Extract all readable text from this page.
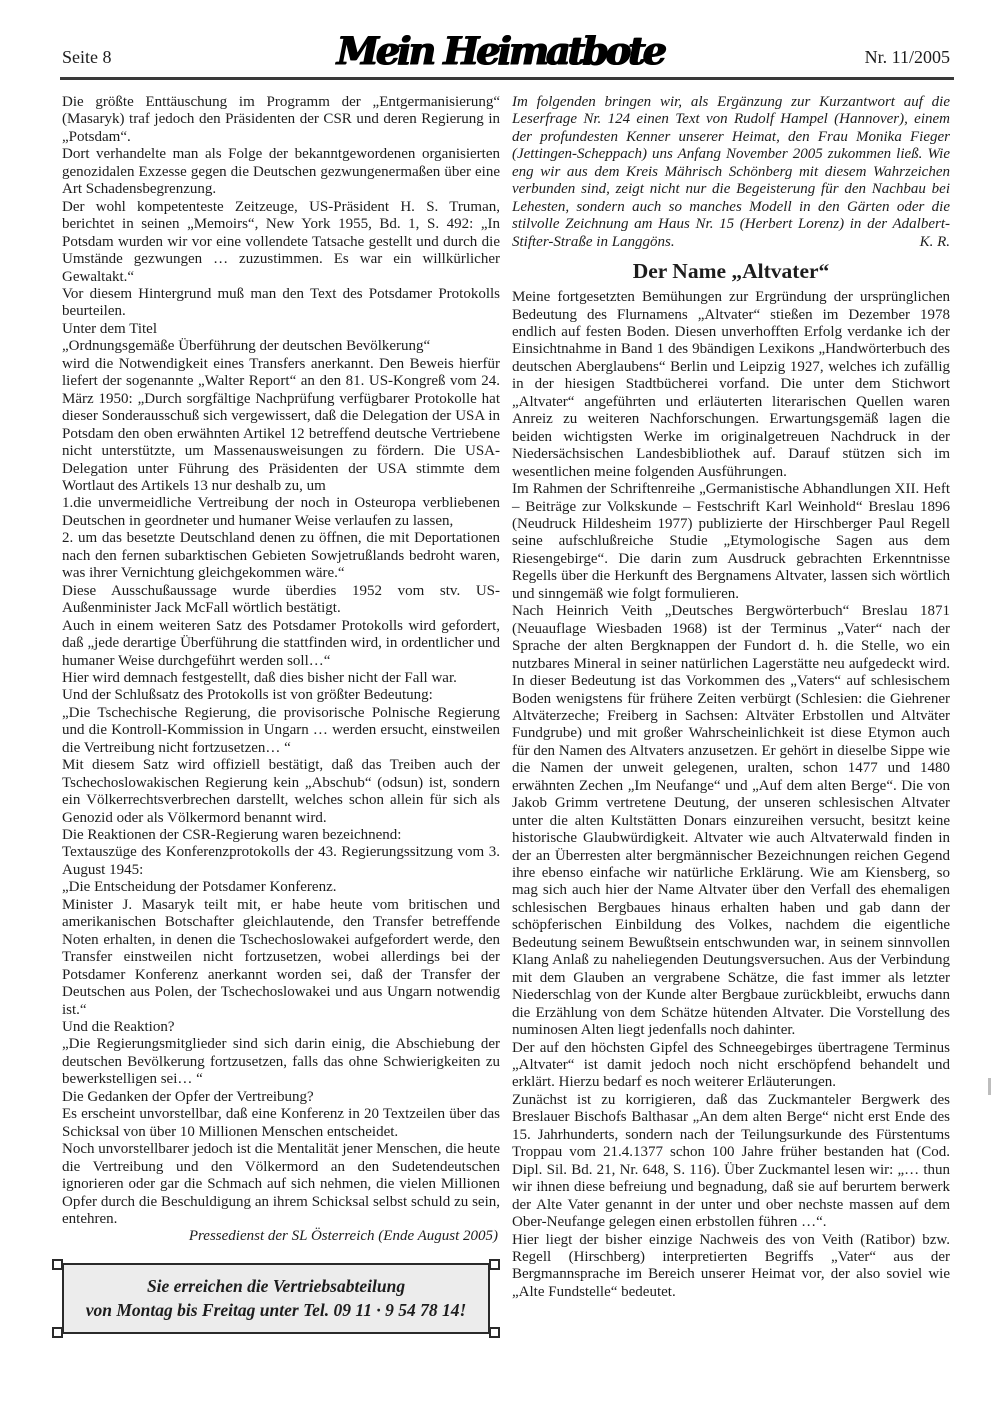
Seite 8	Mein Heimatbote	Nr. 11/2005

Die größte Enttäuschung im Programm der „Entgermanisierung“ (Masaryk) traf jedoch den Präsidenten der CSR und deren Regierung in „Potsdam“.

Dort verhandelte man als Folge der bekanntgewordenen organisierten genozidalen Exzesse gegen die Deutschen gezwungenermaßen über eine Art Schadensbegrenzung.

Der wohl kompetenteste Zeitzeuge, US-Präsident H. S. Truman, berichtet in seinen „Memoirs“, New York 1955, Bd. 1, S. 492: „In Potsdam wurden wir vor eine vollendete Tatsache gestellt und durch die Umstände gezwungen … zuzustimmen. Es war ein willkürlicher Gewaltakt.“

Vor diesem Hintergrund muß man den Text des Potsdamer Protokolls beurteilen.

Unter dem Titel

„Ordnungsgemäße Überführung der deutschen Bevölkerung“

wird die Notwendigkeit eines Transfers anerkannt. Den Beweis hierfür liefert der sogenannte „Walter Report“ an den 81. US-Kongreß vom 24. März 1950: „Durch sorgfältige Nachprüfung verfügbarer Protokolle hat dieser Sonderausschuß sich vergewissert, daß die Delegation der USA in Potsdam den oben erwähnten Artikel 12 betreffend deutsche Vertriebene nicht unterstützte, um Massenausweisungen zu fördern. Die USA-Delegation unter Führung des Präsidenten der USA stimmte dem Wortlaut des Artikels 13 nur deshalb zu, um

1.die unvermeidliche Vertreibung der noch in Osteuropa verbliebenen Deutschen in geordneter und humaner Weise verlaufen zu lassen,

2. um das besetzte Deutschland denen zu öffnen, die mit Deportationen nach den fernen subarktischen Gebieten Sowjetrußlands bedroht waren, was ihrer Vernichtung gleichgekommen wäre.“

Diese Ausschußaussage wurde überdies 1952 vom stv. US-Außenminister Jack McFall wörtlich bestätigt.

Auch in einem weiteren Satz des Potsdamer Protokolls wird gefordert, daß „jede derartige Überführung die stattfinden wird, in ordentlicher und humaner Weise durchgeführt werden soll…“

Hier wird demnach festgestellt, daß dies bisher nicht der Fall war.

Und der Schlußsatz des Protokolls ist von größter Bedeutung:

„Die Tschechische Regierung, die provisorische Polnische Regierung und die Kontroll-Kommission in Ungarn … werden ersucht, einstweilen die Vertreibung nicht fortzusetzen… “

Mit diesem Satz wird offiziell bestätigt, daß das Treiben auch der Tschechoslowakischen Regierung kein „Abschub“ (odsun) ist, sondern ein Völkerrechtsverbrechen darstellt, welches schon allein für sich als Genozid oder als Völkermord benannt wird.

Die Reaktionen der CSR-Regierung waren bezeichnend:

Textauszüge des Konferenzprotokolls der 43. Regierungssitzung vom 3. August 1945:

„Die Entscheidung der Potsdamer Konferenz.

Minister J. Masaryk teilt mit, er habe heute vom britischen und amerikanischen Botschafter gleichlautende, den Transfer betreffende Noten erhalten, in denen die Tschechoslowakei aufgefordert werde, den Transfer einstweilen nicht fortzusetzen, wobei allerdings bei der Potsdamer Konferenz anerkannt worden sei, daß der Transfer der Deutschen aus Polen, der Tschechoslowakei und aus Ungarn notwendig ist.“

Und die Reaktion?

„Die Regierungsmitglieder sind sich darin einig, die Abschiebung der deutschen Bevölkerung fortzusetzen, falls das ohne Schwierigkeiten zu bewerkstelligen sei… “

Die Gedanken der Opfer der Vertreibung?

Es erscheint unvorstellbar, daß eine Konferenz in 20 Textzeilen über das Schicksal von über 10 Millionen Menschen entscheidet.

Noch unvorstellbarer jedoch ist die Mentalität jener Menschen, die heute die Vertreibung und den Völkermord an den Sudetendeutschen ignorieren oder gar die Schmach auf sich nehmen, die vielen Millionen Opfer durch die Beschuldigung an ihrem Schicksal selbst schuld zu sein, entehren.

Pressedienst der SL Österreich (Ende August 2005)

Sie erreichen die Vertriebsabteilung
von Montag bis Freitag unter Tel. 09 11 · 9 54 78 14!

Im folgenden bringen wir, als Ergänzung zur Kurzantwort auf die Leserfrage Nr. 124 einen Text von Rudolf Hampel (Hannover), einem der profundesten Kenner unserer Heimat, den Frau Monika Fieger (Jettingen-Scheppach) uns Anfang November 2005 zukommen ließ. Wie eng wir aus dem Kreis Mährisch Schönberg mit diesem Wahrzeichen verbunden sind, zeigt nicht nur die Begeisterung für den Nachbau bei Lehesten, sondern auch so manches Modell in den Gärten oder die stilvolle Zeichnung am Haus Nr. 15 (Herbert Lorenz) in der Adalbert-Stifter-Straße in Langgöns.	K. R.

Der Name „Altvater“

Meine fortgesetzten Bemühungen zur Ergründung der ursprünglichen Bedeutung des Flurnamens „Altvater“ stießen im Dezember 1978 endlich auf festen Boden. Diesen unverhofften Erfolg verdanke ich der Einsichtnahme in Band 1 des 9bändigen Lexikons „Handwörterbuch des deutschen Aberglaubens“ Berlin und Leipzig 1927, welches ich zufällig in der hiesigen Stadtbücherei vorfand. Die unter dem Stichwort „Altvater“ angeführten und erläuterten literarischen Quellen waren Anreiz zu weiteren Nachforschungen. Erwartungsgemäß lagen die beiden wichtigsten Werke im originalgetreuen Nachdruck in der Niedersächsischen Landesbibliothek auf. Darauf stützen sich im wesentlichen meine folgenden Ausführungen.

Im Rahmen der Schriftenreihe „Germanistische Abhandlungen XII. Heft – Beiträge zur Volkskunde – Festschrift Karl Weinhold“ Breslau 1896 (Neudruck Hildesheim 1977) publizierte der Hirschberger Paul Regell seine aufschlußreiche Studie „Etymologische Sagen aus dem Riesengebirge“. Die darin zum Ausdruck gebrachten Erkenntnisse Regells über die Herkunft des Bergnamens Altvater, lassen sich wörtlich und sinngemäß wie folgt formulieren.

Nach Heinrich Veith „Deutsches Bergwörterbuch“ Breslau 1871 (Neuauflage Wiesbaden 1968) ist der Terminus „Vater“ nach der Sprache der alten Bergknappen der Fundort d. h. die Stelle, wo ein nutzbares Mineral in seiner natürlichen Lagerstätte neu aufgedeckt wird. In dieser Bedeutung ist das Vorkommen des „Vaters“ auf schlesischem Boden wenigstens für frühere Zeiten verbürgt (Schlesien: die Giehrener Altväterzeche; Freiberg in Sachsen: Altväter Erbstollen und Altväter Fundgrube) und mit großer Wahrscheinlichkeit ist diese Etymon auch für den Namen des Altvaters anzusetzen. Er gehört in dieselbe Sippe wie die Namen der unweit gelegenen, uralten, schon 1477 und 1480 erwähnten Zechen „Im Neufange“ und „Auf dem alten Berge“. Die von Jakob Grimm vertretene Deutung, der unseren schlesischen Altvater unter die alten Kultstätten Donars einzureihen versucht, besitzt keine historische Glaubwürdigkeit. Altvater wie auch Altvaterwald finden in der an Überresten alter bergmännischer Bezeichnungen reichen Gegend ihre ebenso einfache wir natürliche Erklärung. Wie am Kiensberg, so mag sich auch hier der Name Altvater über den Verfall des ehemaligen schlesischen Bergbaues hinaus erhalten haben und gab dann der schöpferischen Einbildung des Volkes, nachdem die eigentliche Bedeutung seinem Bewußtsein entschwunden war, in seinem sinnvollen Klang Anlaß zu naheliegenden Deutungsversuchen. Aus der Verbindung mit dem Glauben an vergrabene Schätze, die fast immer als letzter Niederschlag von der Kunde alter Bergbaue zurückbleibt, erwuchs dann die Erzählung von dem Schätze hütenden Altvater. Die Vorstellung des numinosen Alten liegt jedenfalls noch dahinter.

Der auf den höchsten Gipfel des Schneegebirges übertragene Terminus „Altvater“ ist damit jedoch noch nicht erschöpfend behandelt und erklärt. Hierzu bedarf es noch weiterer Erläuterungen.

Zunächst ist zu korrigieren, daß das Zuckmanteler Bergwerk des Breslauer Bischofs Balthasar „An dem alten Berge“ nicht erst Ende des 15. Jahrhunderts, sondern nach der Teilungsurkunde des Fürstentums Troppau vom 21.4.1377 schon 100 Jahre früher bestanden hat (Cod. Dipl. Sil. Bd. 21, Nr. 648, S. 116). Über Zuckmantel lesen wir: „… thun wir ihnen diese befreiung und begnadung, daß sie auf berurtem berwerk der Alte Vater genannt in der unter und ober nechste massen auf dem Ober-Neufange gelegen einen erbstollen führen …“.

Hier liegt der bisher einzige Nachweis des von Veith (Ratibor) bzw. Regell (Hirschberg) interpretierten Begriffs „Vater“ aus der Bergmannsprache im Bereich unserer Heimat vor, der also soviel wie „Alte Fundstelle“ bedeutet.
